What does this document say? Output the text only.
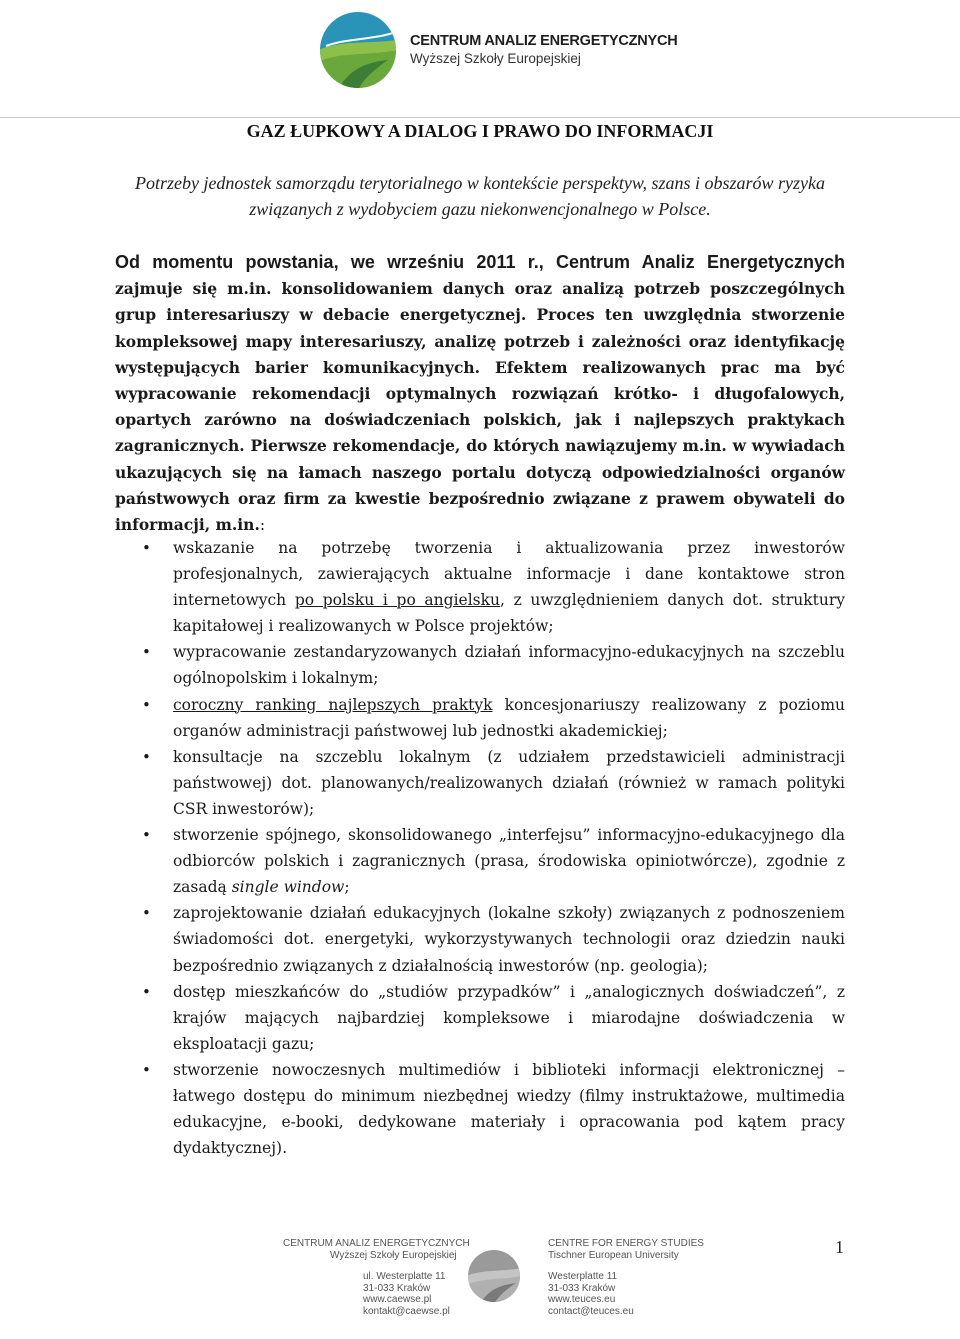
CENTRUM ANALIZ ENERGETYCZNYCH
Wyższej Szkoły Europejskiej
GAZ ŁUPKOWY A DIALOG I PRAWO DO INFORMACJI
Potrzeby jednostek samorządu terytorialnego w kontekście perspektyw, szans i obszarów ryzyka związanych z wydobyciem gazu niekonwencjonalnego w Polsce.

Od momentu powstania, we wrześniu 2011 r., Centrum Analiz Energetycznych zajmuje się m.in. konsolidowaniem danych oraz analizą potrzeb poszczególnych grup interesariuszy w debacie energetycznej. Proces ten uwzględnia stworzenie kompleksowej mapy interesariuszy, analizę potrzeb i zależności oraz identyfikację występujących barier komunikacyjnych. Efektem realizowanych prac ma być wypracowanie rekomendacji optymalnych rozwiązań krótko- i długofalowych, opartych zarówno na doświadczeniach polskich, jak i najlepszych praktykach zagranicznych. Pierwsze rekomendacje, do których nawiązujemy m.in. w wywiadach ukazujących się na łamach naszego portalu dotyczą odpowiedzialności organów państwowych oraz firm za kwestie bezpośrednio związane z prawem obywateli do informacji, m.in.:

• wskazanie na potrzebę tworzenia i aktualizowania przez inwestorów profesjonalnych, zawierających aktualne informacje i dane kontaktowe stron internetowych po polsku i po angielsku, z uwzględnieniem danych dot. struktury kapitałowej i realizowanych w Polsce projektów;
• wypracowanie zestandaryzowanych działań informacyjno-edukacyjnych na szczeblu ogólnopolskim i lokalnym;
• coroczny ranking najlepszych praktyk koncesjonariuszy realizowany z poziomu organów administracji państwowej lub jednostki akademickiej;
• konsultacje na szczeblu lokalnym (z udziałem przedstawicieli administracji państwowej) dot. planowanych/realizowanych działań (również w ramach polityki CSR inwestorów);
• stworzenie spójnego, skonsolidowanego „interfejsu” informacyjno-edukacyjnego dla odbiorców polskich i zagranicznych (prasa, środowiska opiniotwórcze), zgodnie z zasadą single window;
• zaprojektowanie działań edukacyjnych (lokalne szkoły) związanych z podnoszeniem świadomości dot. energetyki, wykorzystywanych technologii oraz dziedzin nauki bezpośrednio związanych z działalnością inwestorów (np. geologia);
• dostęp mieszkańców do „studiów przypadków” i „analogicznych doświadczeń”, z krajów mających najbardziej kompleksowe i miarodajne doświadczenia w eksploatacji gazu;
• stworzenie nowoczesnych multimediów i biblioteki informacji elektronicznej – łatwego dostępu do minimum niezbędnej wiedzy (filmy instruktażowe, multimedia edukacyjne, e-booki, dedykowane materiały i opracowania pod kątem pracy dydaktycznej).
CENTRUM ANALIZ ENERGETYCZNYCH
Wyższej Szkoły Europejskiej
CENTRE FOR ENERGY STUDIES
Tischner European University
ul. Westerplatte 11
31-033 Kraków
www.caewse.pl
kontakt@caewse.pl
Westerplatte 11
31-033 Kraków
www.teuces.eu
contact@teuces.eu
1
